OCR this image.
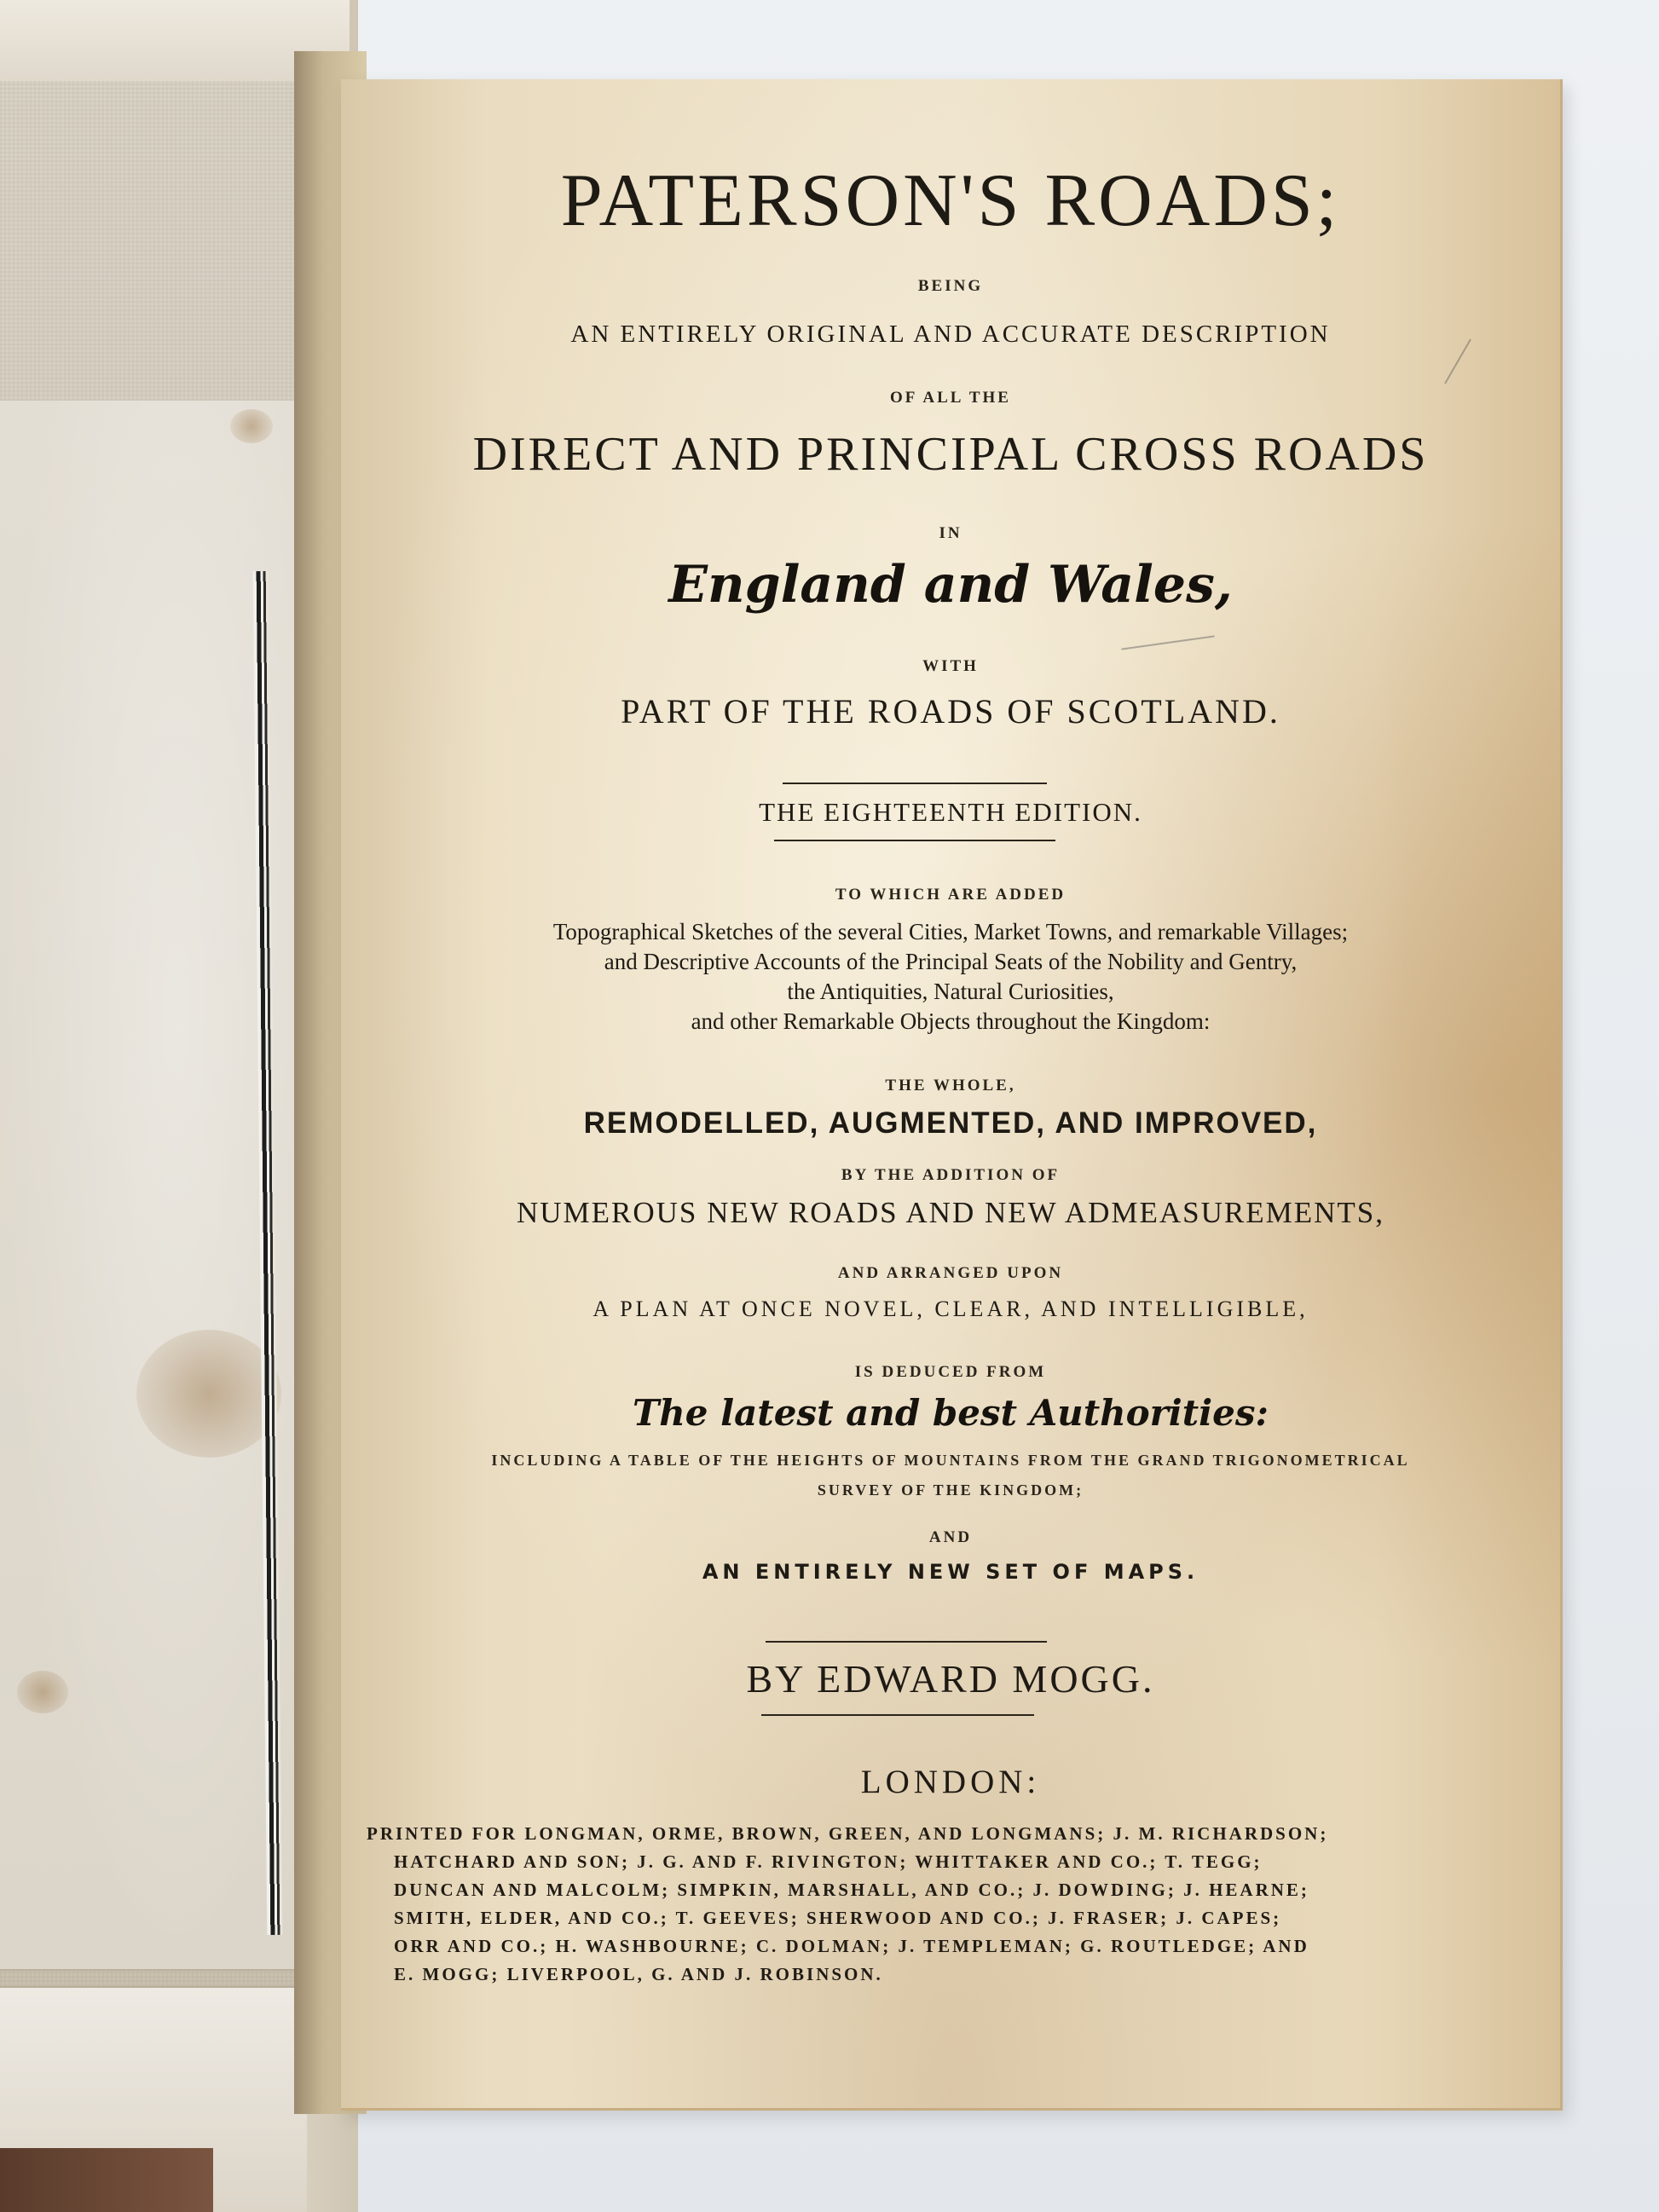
PATERSON'S ROADS;
BEING
AN ENTIRELY ORIGINAL AND ACCURATE DESCRIPTION
OF ALL THE
DIRECT AND PRINCIPAL CROSS ROADS
IN
England and Wales,
WITH
PART OF THE ROADS OF SCOTLAND.
THE EIGHTEENTH EDITION.
TO WHICH ARE ADDED
Topographical Sketches of the several Cities, Market Towns, and remarkable Villages;
and Descriptive Accounts of the Principal Seats of the Nobility and Gentry,
the Antiquities, Natural Curiosities,
and other Remarkable Objects throughout the Kingdom:
THE WHOLE,
REMODELLED, AUGMENTED, AND IMPROVED,
BY THE ADDITION OF
NUMEROUS NEW ROADS AND NEW ADMEASUREMENTS,
AND ARRANGED UPON
A PLAN AT ONCE NOVEL, CLEAR, AND INTELLIGIBLE,
IS DEDUCED FROM
The latest and best Authorities:
INCLUDING A TABLE OF THE HEIGHTS OF MOUNTAINS FROM THE GRAND TRIGONOMETRICAL
SURVEY OF THE KINGDOM;
AND
AN ENTIRELY NEW SET OF MAPS.
BY EDWARD MOGG.
LONDON:
PRINTED FOR LONGMAN, ORME, BROWN, GREEN, AND LONGMANS; J. M. RICHARDSON;
HATCHARD AND SON; J. G. AND F. RIVINGTON; WHITTAKER AND CO.; T. TEGG;
DUNCAN AND MALCOLM; SIMPKIN, MARSHALL, AND CO.; J. DOWDING; J. HEARNE;
SMITH, ELDER, AND CO.; T. GEEVES; SHERWOOD AND CO.; J. FRASER; J. CAPES;
ORR AND CO.; H. WASHBOURNE; C. DOLMAN; J. TEMPLEMAN; G. ROUTLEDGE; AND
E. MOGG; LIVERPOOL, G. AND J. ROBINSON.
